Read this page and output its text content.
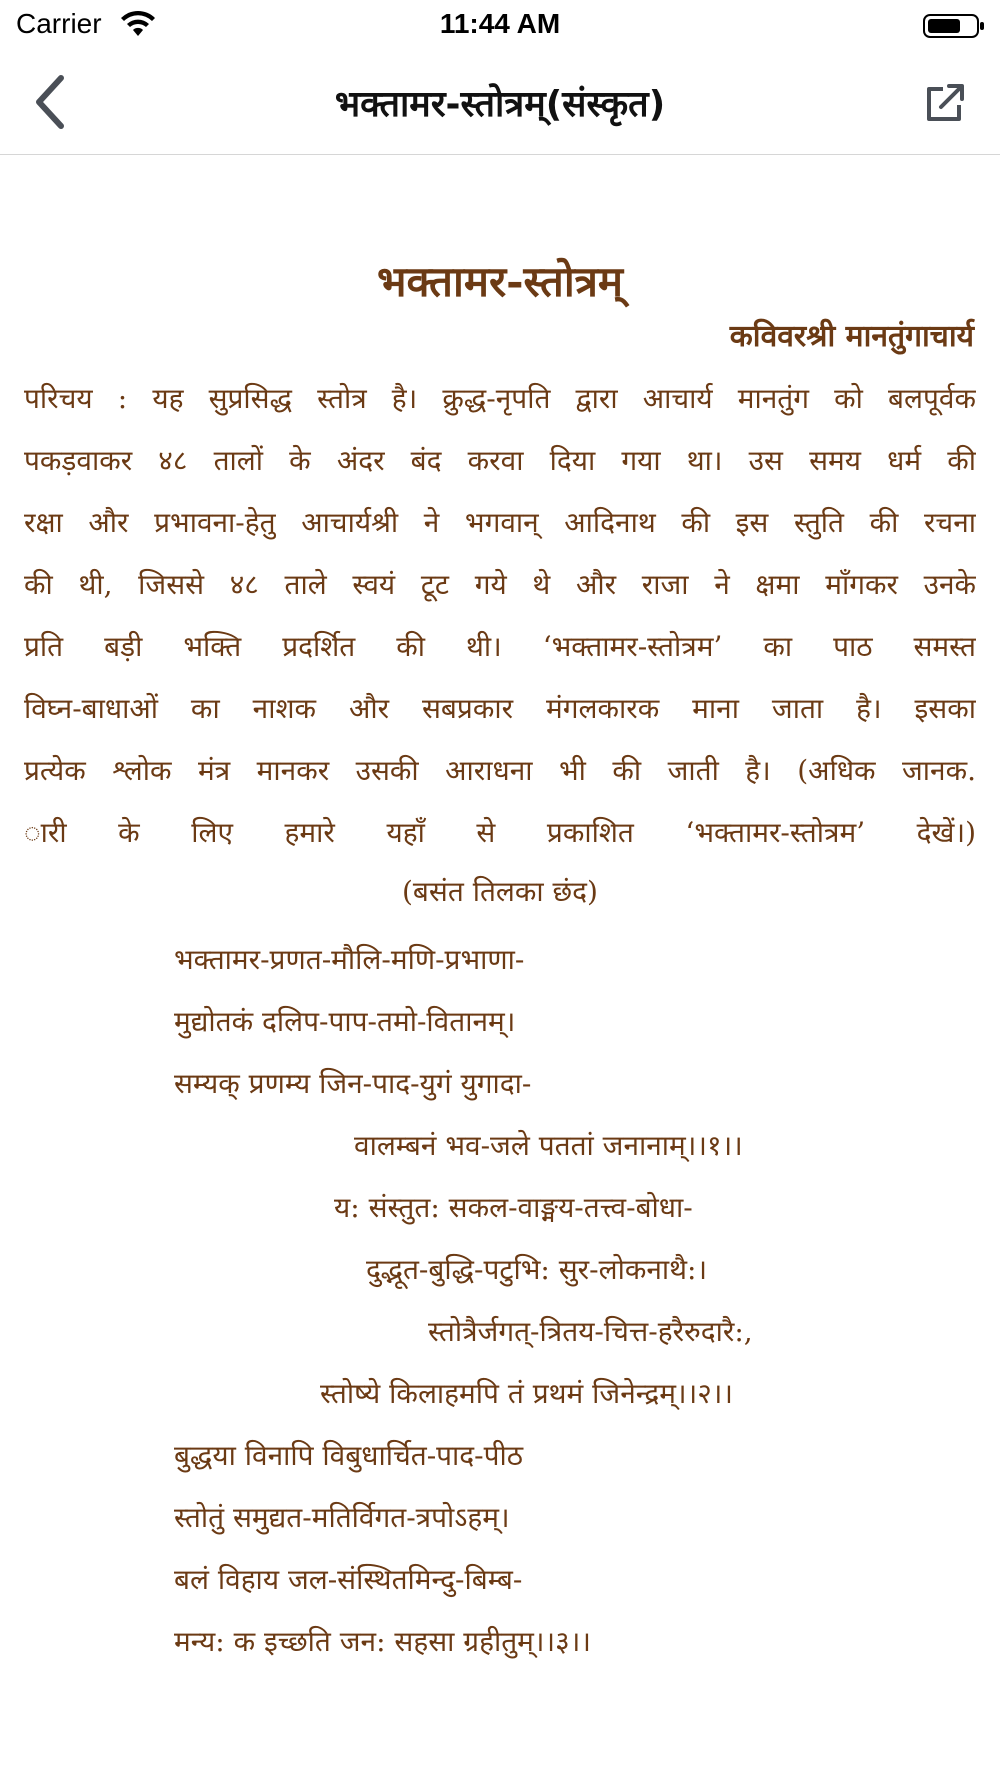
Carrier	11:44 AM
भक्तामर-स्तोत्रम्(संस्कृत)
भक्तामर-स्तोत्रम्
कविवरश्री मानतुंगाचार्य
परिचय : यह सुप्रसिद्ध स्तोत्र है। क्रुद्ध-नृपति द्वारा आचार्य मानतुंग को बलपूर्वक
पकड़वाकर ४८ तालों के अंदर बंद करवा दिया गया था। उस समय धर्म की
रक्षा और प्रभावना-हेतु आचार्यश्री ने भगवान् आदिनाथ की इस स्तुति की रचना
की थी, जिससे ४८ ताले स्वयं टूट गये थे और राजा ने क्षमा माँगकर उनके
प्रति बड़ी भक्ति प्रदर्शित की थी। ‘भक्तामर-स्तोत्रम’ का पाठ समस्त
विघ्न-बाधाओं का नाशक और सबप्रकार मंगलकारक माना जाता है। इसका
प्रत्येक श्लोक मंत्र मानकर उसकी आराधना भी की जाती है। (अधिक जानक.
ारी के लिए हमारे यहाँ से प्रकाशित ‘भक्तामर-स्तोत्रम’ देखें।)
(बसंत तिलका छंद)
भक्तामर-प्रणत-मौलि-मणि-प्रभाणा-
मुद्योतकं दलिप-पाप-तमो-वितानम्।
सम्यक् प्रणम्य जिन-पाद-युगं युगादा-
वालम्बनं भव-जले पततां जनानाम्।।१।।
य: संस्तुत: सकल-वाङ्मय-तत्त्व-बोधा-
दुद्भूत-बुद्धि-पटुभि: सुर-लोकनाथै:।
स्तोत्रैर्जगत्-त्रितय-चित्त-हरैरुदारै:,
स्तोष्ये किलाहमपि तं प्रथमं जिनेन्द्रम्।।२।।
बुद्धया विनापि विबुधार्चित-पाद-पीठ
स्तोतुं समुद्यत-मतिर्विगत-त्रपोऽहम्।
बलं विहाय जल-संस्थितमिन्दु-बिम्ब-
मन्य: क इच्छति जन: सहसा ग्रहीतुम्।।३।।
